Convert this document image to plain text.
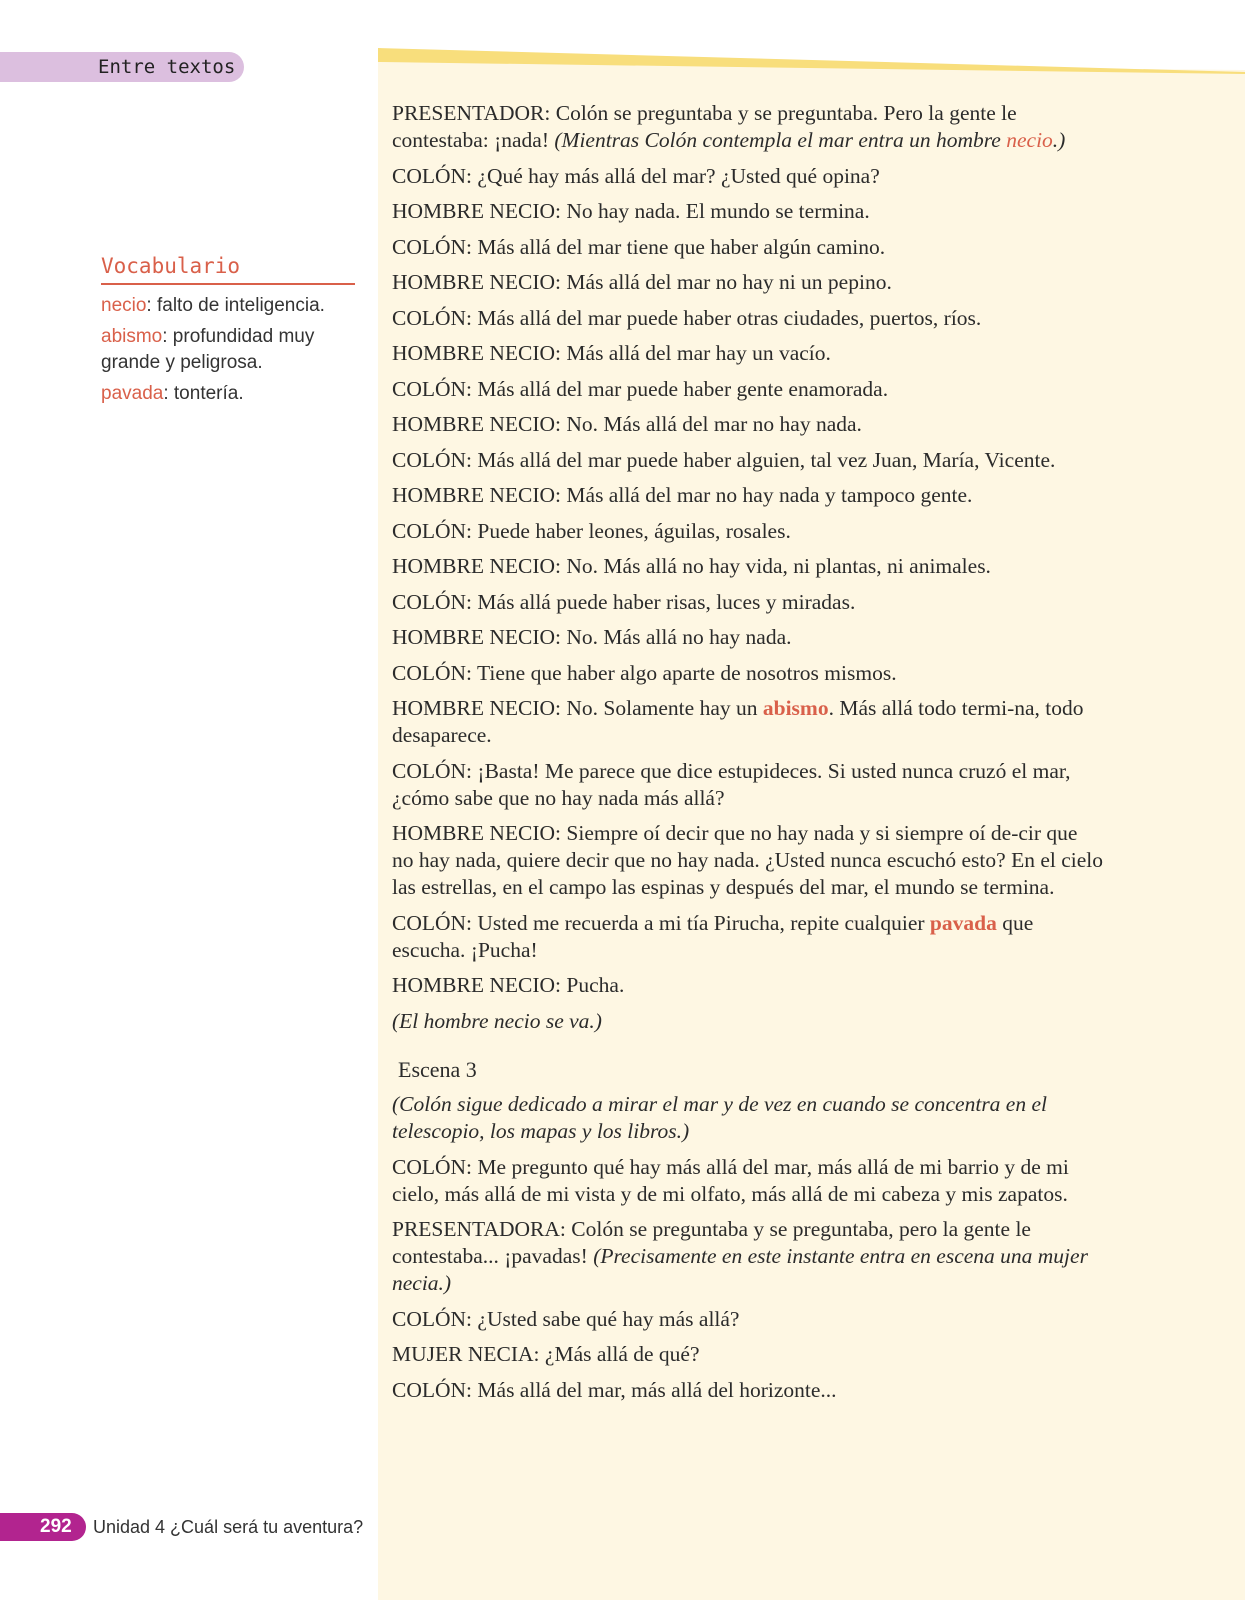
Entre textos
Vocabulario
necio: falto de inteligencia.
abismo: profundidad muy grande y peligrosa.
pavada: tontería.
PRESENTADOR: Colón se preguntaba y se preguntaba. Pero la gente le contestaba: ¡nada! (Mientras Colón contempla el mar entra un hombre necio.)
COLÓN: ¿Qué hay más allá del mar? ¿Usted qué opina?
HOMBRE NECIO: No hay nada. El mundo se termina.
COLÓN: Más allá del mar tiene que haber algún camino.
HOMBRE NECIO: Más allá del mar no hay ni un pepino.
COLÓN: Más allá del mar puede haber otras ciudades, puertos, ríos.
HOMBRE NECIO: Más allá del mar hay un vacío.
COLÓN: Más allá del mar puede haber gente enamorada.
HOMBRE NECIO: No. Más allá del mar no hay nada.
COLÓN: Más allá del mar puede haber alguien, tal vez Juan, María, Vicente.
HOMBRE NECIO: Más allá del mar no hay nada y tampoco gente.
COLÓN: Puede haber leones, águilas, rosales.
HOMBRE NECIO: No. Más allá no hay vida, ni plantas, ni animales.
COLÓN: Más allá puede haber risas, luces y miradas.
HOMBRE NECIO: No. Más allá no hay nada.
COLÓN: Tiene que haber algo aparte de nosotros mismos.
HOMBRE NECIO: No. Solamente hay un abismo. Más allá todo termi-na, todo desaparece.
COLÓN: ¡Basta! Me parece que dice estupideces. Si usted nunca cruzó el mar, ¿cómo sabe que no hay nada más allá?
HOMBRE NECIO: Siempre oí decir que no hay nada y si siempre oí de-cir que no hay nada, quiere decir que no hay nada. ¿Usted nunca escuchó esto? En el cielo las estrellas, en el campo las espinas y después del mar, el mundo se termina.
COLÓN: Usted me recuerda a mi tía Pirucha, repite cualquier pavada que escucha. ¡Pucha!
HOMBRE NECIO: Pucha.
(El hombre necio se va.)
Escena 3
(Colón sigue dedicado a mirar el mar y de vez en cuando se concentra en el telescopio, los mapas y los libros.)
COLÓN: Me pregunto qué hay más allá del mar, más allá de mi barrio y de mi cielo, más allá de mi vista y de mi olfato, más allá de mi cabeza y mis zapatos.
PRESENTADORA: Colón se preguntaba y se preguntaba, pero la gente le contestaba... ¡pavadas! (Precisamente en este instante entra en escena una mujer necia.)
COLÓN: ¿Usted sabe qué hay más allá?
MUJER NECIA: ¿Más allá de qué?
COLÓN: Más allá del mar, más allá del horizonte...
292	Unidad 4 ¿Cuál será tu aventura?
